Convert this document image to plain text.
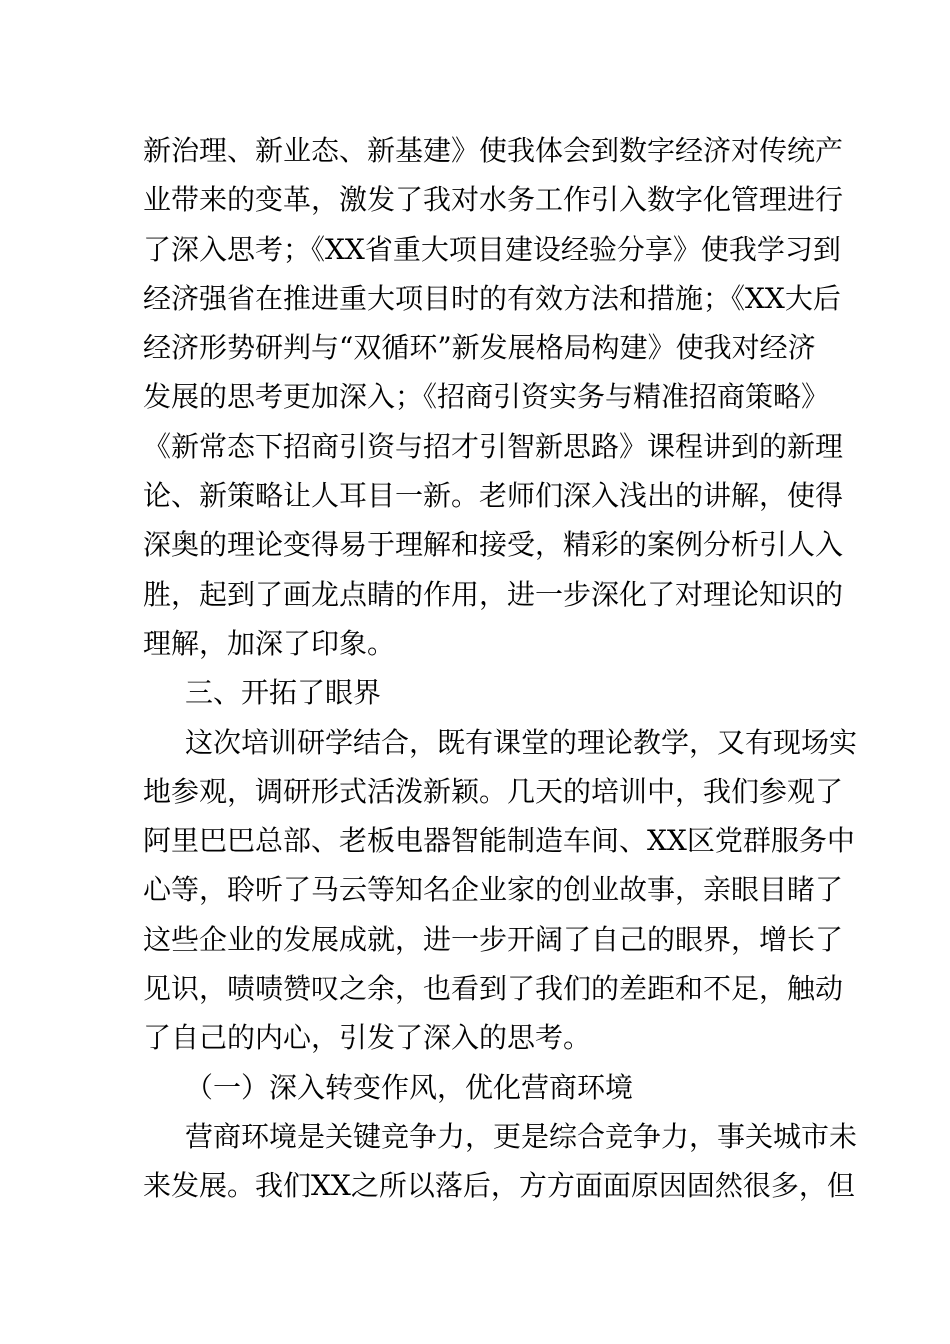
新治理、新业态、新基建》使我体会到数字经济对传统产
业带来的变革，激发了我对水务工作引入数字化管理进行
了深入思考；《XX省重大项目建设经验分享》使我学习到
经济强省在推进重大项目时的有效方法和措施；《XX大后
经济形势研判与“双循环”新发展格局构建》使我对经济
发展的思考更加深入；《招商引资实务与精准招商策略》
《新常态下招商引资与招才引智新思路》课程讲到的新理
论、新策略让人耳目一新。老师们深入浅出的讲解，使得
深奥的理论变得易于理解和接受，精彩的案例分析引人入
胜，起到了画龙点睛的作用，进一步深化了对理论知识的
理解，加深了印象。
三、开拓了眼界
这次培训研学结合，既有课堂的理论教学，又有现场实
地参观，调研形式活泼新颖。几天的培训中，我们参观了
阿里巴巴总部、老板电器智能制造车间、XX区党群服务中
心等，聆听了马云等知名企业家的创业故事，亲眼目睹了
这些企业的发展成就，进一步开阔了自己的眼界，增长了
见识，啧啧赞叹之余，也看到了我们的差距和不足，触动
了自己的内心，引发了深入的思考。
（一）深入转变作风，优化营商环境
营商环境是关键竞争力，更是综合竞争力，事关城市未
来发展。我们XX之所以落后，方方面面原因固然很多，但
